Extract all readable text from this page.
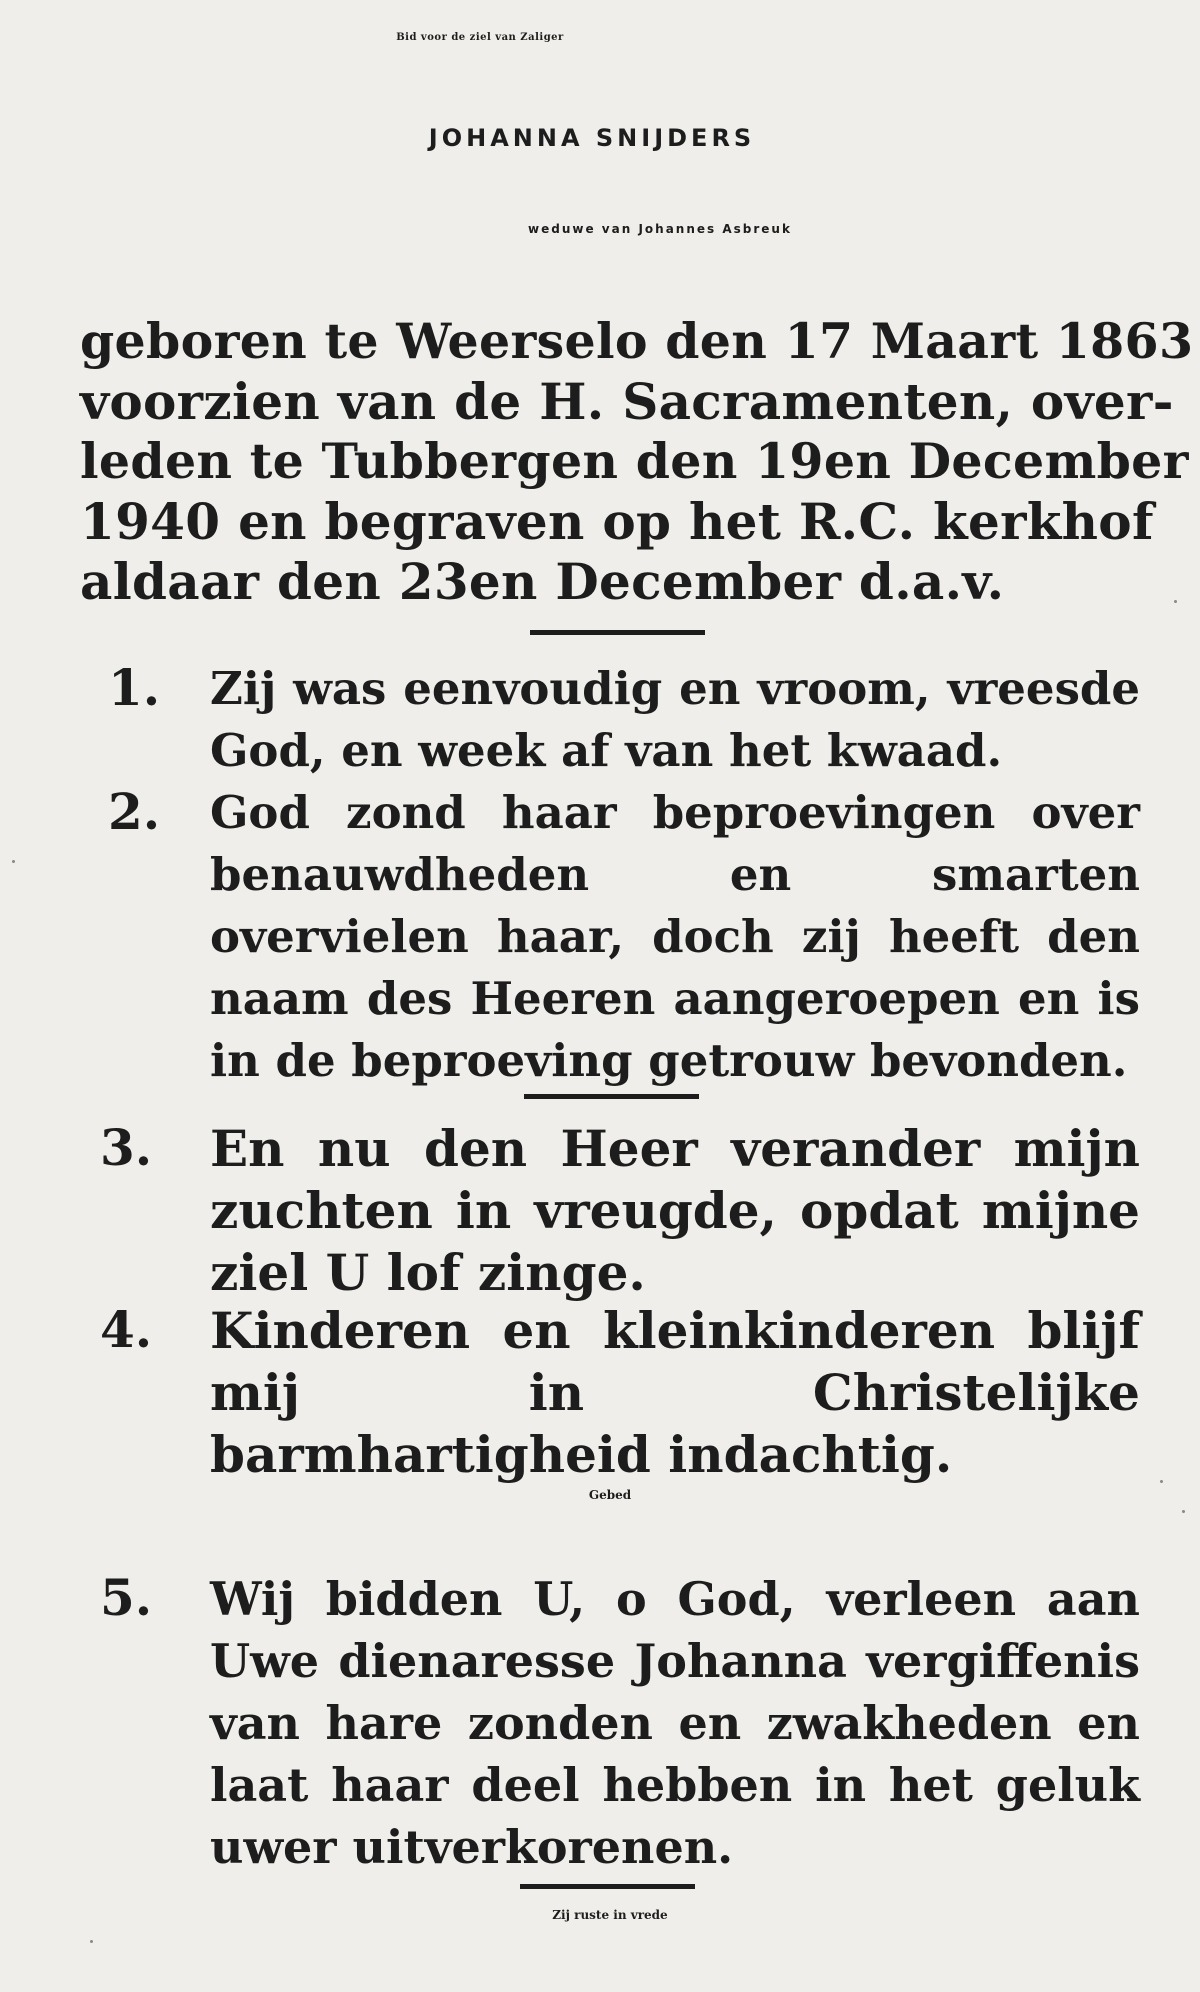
Bid voor de ziel van Zaliger
JOHANNA SNIJDERS
weduwe van Johannes Asbreuk
geboren te Weerselo den 17 Maart 1863
voorzien van de H. Sacramenten, over-
leden te Tubbergen den 19en December
1940 en begraven op het R.C. kerkhof
aldaar den 23en December d.a.v.
1. Zij was eenvoudig en vroom, vreesde God, en week af van het kwaad.

2. God zond haar beproevingen over benauwdheden en smarten overvielen haar, doch zij heeft den naam des Heeren aangeroepen en is in de beproeving getrouw bevonden.

3. En nu den Heer verander mijn zuchten in vreugde, opdat mijne ziel U lof zinge.

4. Kinderen en kleinkinderen blijf mij in Christelijke barmhartigheid indachtig.

Gebed
5. Wij bidden U, o God, verleen aan Uwe dienaresse Johanna vergiffenis van hare zonden en zwakheden en laat haar deel hebben in het geluk uwer uitverkorenen.

Zij ruste in vrede
